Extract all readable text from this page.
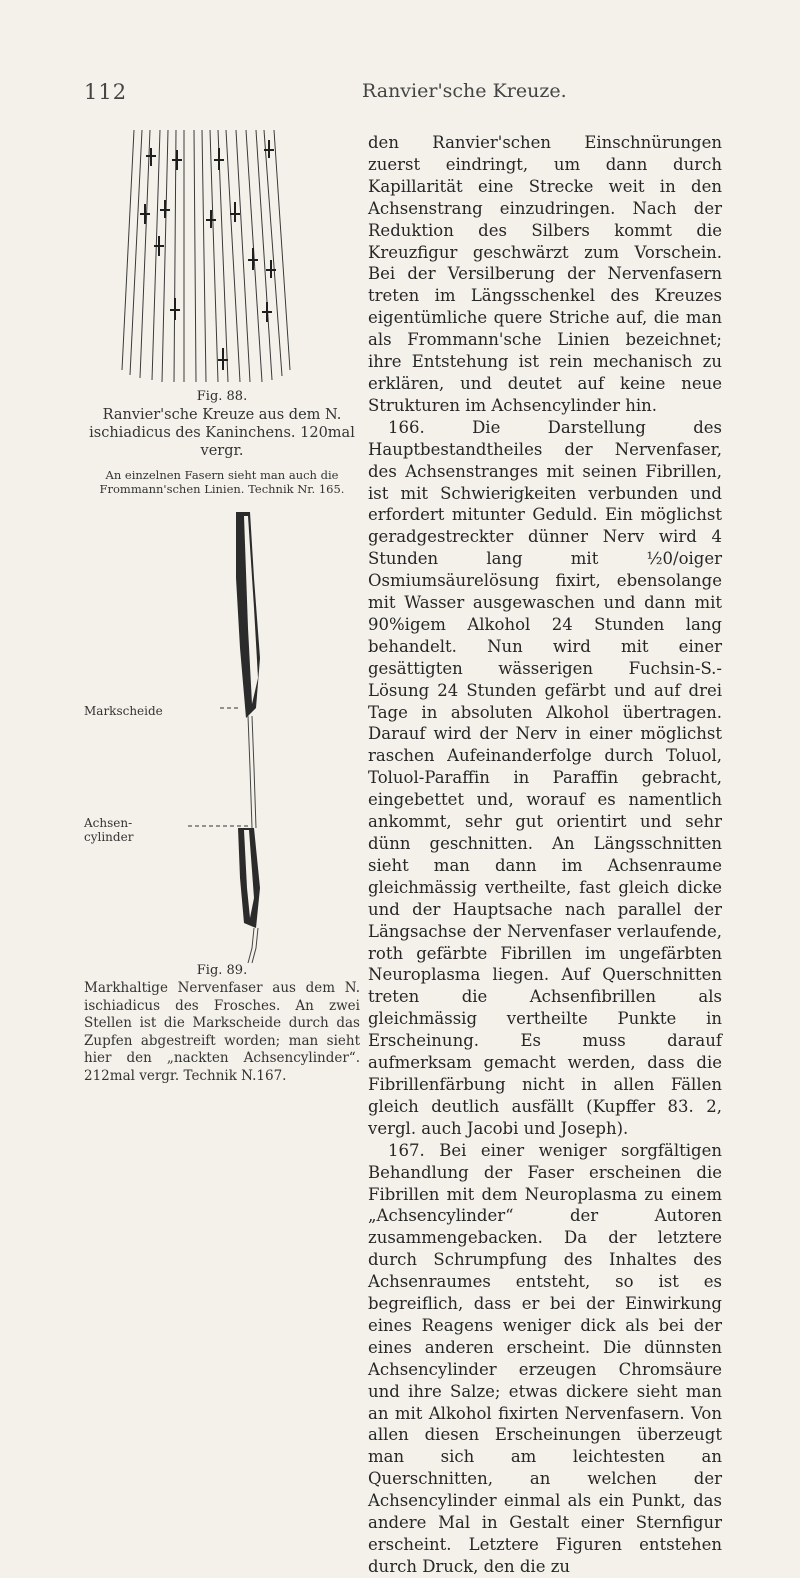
112	Ranvier'sche Kreuze.
Fig. 88.
Ranvier'sche Kreuze aus dem N. ischiadicus des Kaninchens. 120mal vergr.
An einzelnen Fasern sieht man auch die Frommann'schen Linien. Technik Nr. 165.
Markscheide
Achsen-
cylinder
Fig. 89.
Markhaltige Nervenfaser aus dem N. ischiadicus des Frosches. An zwei Stellen ist die Markscheide durch das Zupfen abgestreift worden; man sieht hier den „nackten Achsencylinder“. 212mal vergr. Technik N.167.

den Ranvier'schen Einschnürungen zuerst eindringt, um dann durch Kapillarität eine Strecke weit in den Achsenstrang einzudringen. Nach der Reduktion des Silbers kommt die Kreuzfigur geschwärzt zum Vorschein. Bei der Versilberung der Nervenfasern treten im Längsschenkel des Kreuzes eigentümliche quere Striche auf, die man als Frommann'sche Linien bezeichnet; ihre Entstehung ist rein mechanisch zu erklären, und deutet auf keine neue Strukturen im Achsencylinder hin.

166. Die Darstellung des Hauptbestandtheiles der Nervenfaser, des Achsenstranges mit seinen Fibrillen, ist mit Schwierigkeiten verbunden und erfordert mitunter Geduld. Ein möglichst geradgestreckter dünner Nerv wird 4 Stunden lang mit ½0/oiger Osmiumsäurelösung fixirt, ebensolange mit Wasser ausgewaschen und dann mit 90%igem Alkohol 24 Stunden lang behandelt. Nun wird mit einer gesättigten wässerigen Fuchsin-S.-Lösung 24 Stunden gefärbt und auf drei Tage in absoluten Alkohol übertragen. Darauf wird der Nerv in einer möglichst raschen Aufeinanderfolge durch Toluol, Toluol-Paraffin in Paraffin gebracht, eingebettet und, worauf es namentlich ankommt, sehr gut orientirt und sehr dünn geschnitten. An Längsschnitten sieht man dann im Achsenraume gleichmässig vertheilte, fast gleich dicke und der Hauptsache nach parallel der Längsachse der Nervenfaser verlaufende, roth gefärbte Fibrillen im ungefärbten Neuroplasma liegen. Auf Querschnitten treten die Achsenfibrillen als gleichmässig vertheilte Punkte in Erscheinung. Es muss darauf aufmerksam gemacht werden, dass die Fibrillenfärbung nicht in allen Fällen gleich deutlich ausfällt (Kupffer 83. 2, vergl. auch Jacobi und Joseph).

167. Bei einer weniger sorgfältigen Behandlung der Faser erscheinen die Fibrillen mit dem Neuroplasma zu einem „Achsencylinder“ der Autoren zusammengebacken. Da der letztere durch Schrumpfung des Inhaltes des Achsenraumes entsteht, so ist es begreiflich, dass er bei der Einwirkung eines Reagens weniger dick als bei der eines anderen erscheint. Die dünnsten Achsencylinder erzeugen Chromsäure und ihre Salze; etwas dickere sieht man an mit Alkohol fixirten Nervenfasern. Von allen diesen Erscheinungen überzeugt man sich am leichtesten an Querschnitten, an welchen der Achsencylinder einmal als ein Punkt, das andere Mal in Gestalt einer Sternfigur erscheint. Letztere Figuren entstehen durch Druck, den die zu
